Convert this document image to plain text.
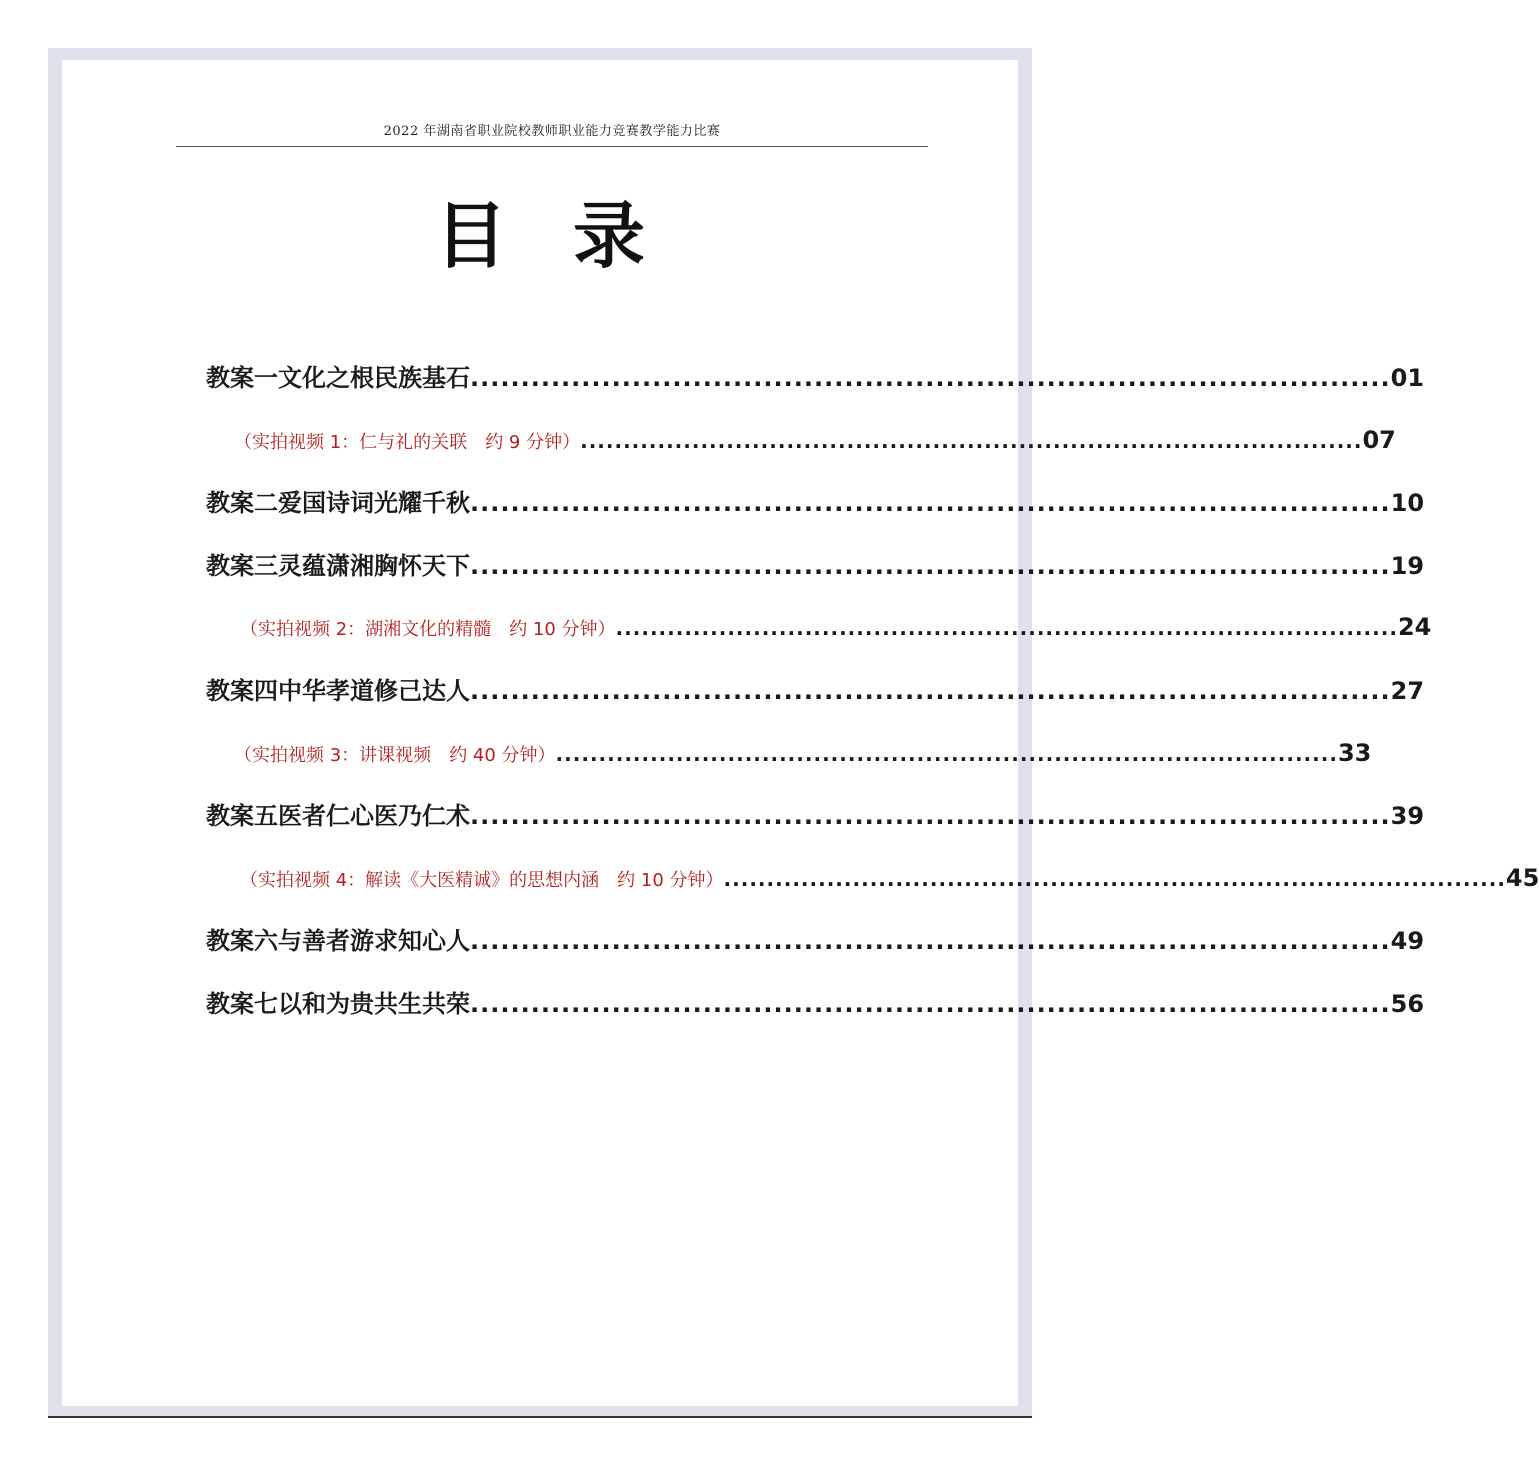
2022 年湖南省职业院校教师职业能力竞赛教学能力比赛
目 录
教案一 文化之根 民族基石 ........................................................................................... 01
（实拍视频 1：仁与礼的关联 约 9 分钟） ........................................................................................... 07
教案二 爱国诗词 光耀千秋 ........................................................................................... 10
教案三 灵蕴潇湘 胸怀天下 ........................................................................................... 19
（实拍视频 2：湖湘文化的精髓 约 10 分钟） ........................................................................................... 24
教案四 中华孝道 修己达人 ........................................................................................... 27
（实拍视频 3：讲课视频 约 40 分钟） ........................................................................................... 33
教案五 医者仁心 医乃仁术 ........................................................................................... 39
（实拍视频 4：解读《大医精诚》的思想内涵 约 10 分钟） ........................................................................................... 45
教案六 与善者游 求知心人 ........................................................................................... 49
教案七 以和为贵 共生共荣 ........................................................................................... 56
